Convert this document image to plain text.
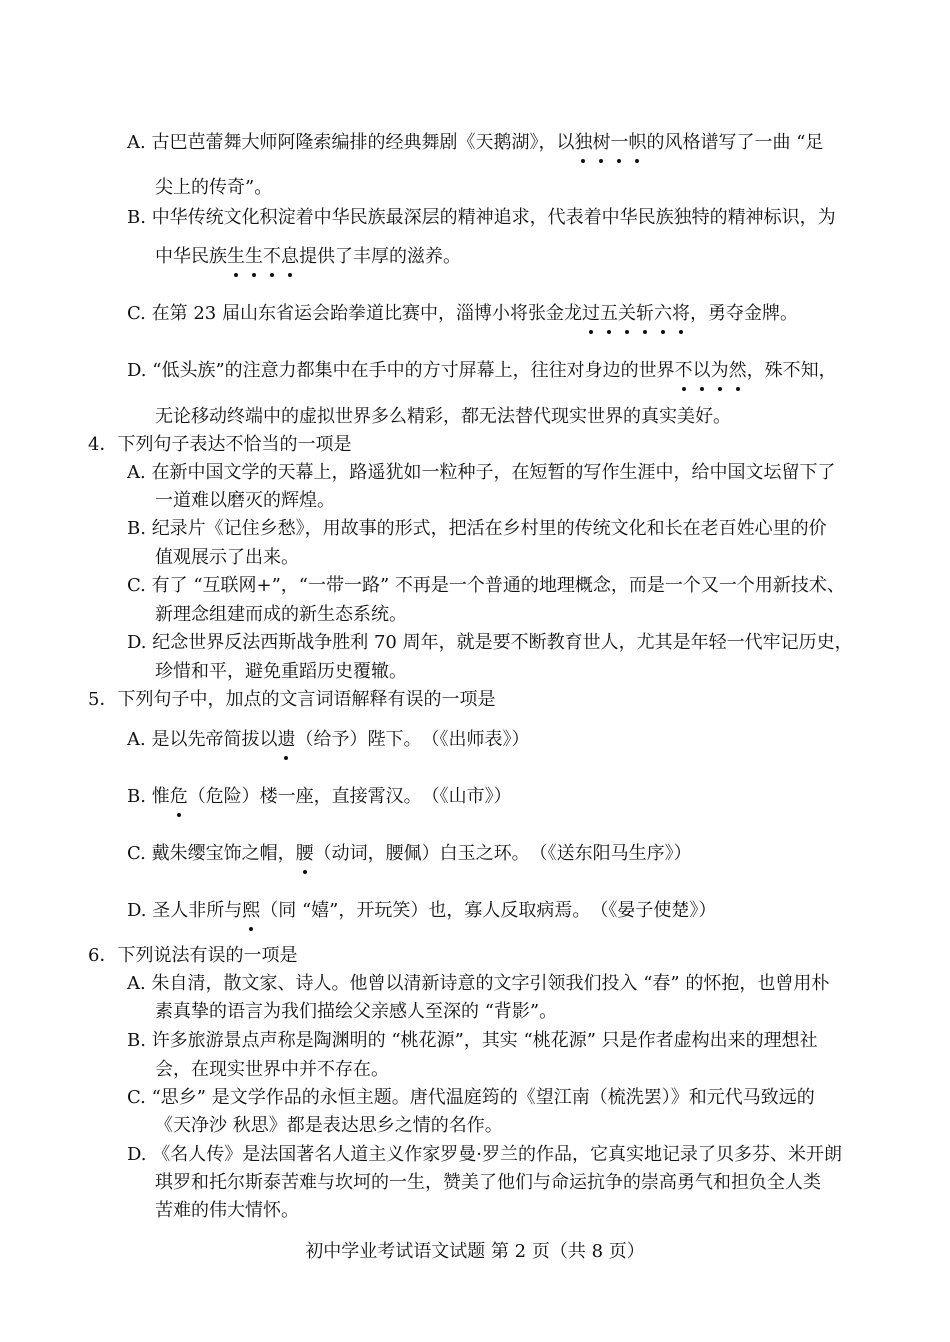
A. 古巴芭蕾舞大师阿隆索编排的经典舞剧《天鹅湖》，以独树一帜的风格谱写了一曲 “足
尖上的传奇”。
B. 中华传统文化积淀着中华民族最深层的精神追求，代表着中华民族独特的精神标识，为
中华民族生生不息提供了丰厚的滋养。
C. 在第 23 届山东省运会跆拳道比赛中，淄博小将张金龙过五关斩六将，勇夺金牌。
D. “低头族”的注意力都集中在手中的方寸屏幕上，往往对身边的世界不以为然，殊不知，
无论移动终端中的虚拟世界多么精彩，都无法替代现实世界的真实美好。
4．下列句子表达不恰当的一项是
A. 在新中国文学的天幕上，路遥犹如一粒种子，在短暂的写作生涯中，给中国文坛留下了
一道难以磨灭的辉煌。
B. 纪录片《记住乡愁》，用故事的形式，把活在乡村里的传统文化和长在老百姓心里的价
值观展示了出来。
C. 有了 “互联网+”，“一带一路” 不再是一个普通的地理概念，而是一个又一个用新技术、
新理念组建而成的新生态系统。
D. 纪念世界反法西斯战争胜利 70 周年，就是要不断教育世人，尤其是年轻一代牢记历史，
珍惜和平，避免重蹈历史覆辙。
5．下列句子中，加点的文言词语解释有误的一项是
A. 是以先帝简拔以遗（给予）陛下。　 （《出师表》）
B. 惟危（危险）楼一座，直接霄汉。　 （《山市》）
C. 戴朱缨宝饰之帽，腰（动词，腰佩）白玉之环。　 （《送东阳马生序》）
D. 圣人非所与熙（同 “嬉”，开玩笑）也，寡人反取病焉。　 （《晏子使楚》）
6．下列说法有误的一项是
A. 朱自清，散文家、诗人。他曾以清新诗意的文字引领我们投入 “春” 的怀抱，也曾用朴
素真挚的语言为我们描绘父亲感人至深的 “背影”。
B. 许多旅游景点声称是陶渊明的 “桃花源”，其实 “桃花源” 只是作者虚构出来的理想社
会，在现实世界中并不存在。
C. “思乡” 是文学作品的永恒主题。唐代温庭筠的《望江南（梳洗罢）》和元代马致远的
《天净沙 秋思》都是表达思乡之情的名作。
D. 《名人传》是法国著名人道主义作家罗曼·罗兰的作品，它真实地记录了贝多芬、米开朗
琪罗和托尔斯泰苦难与坎坷的一生，赞美了他们与命运抗争的崇高勇气和担负全人类
苦难的伟大情怀。
初中学业考试语文试题 第 2 页（共 8 页）
